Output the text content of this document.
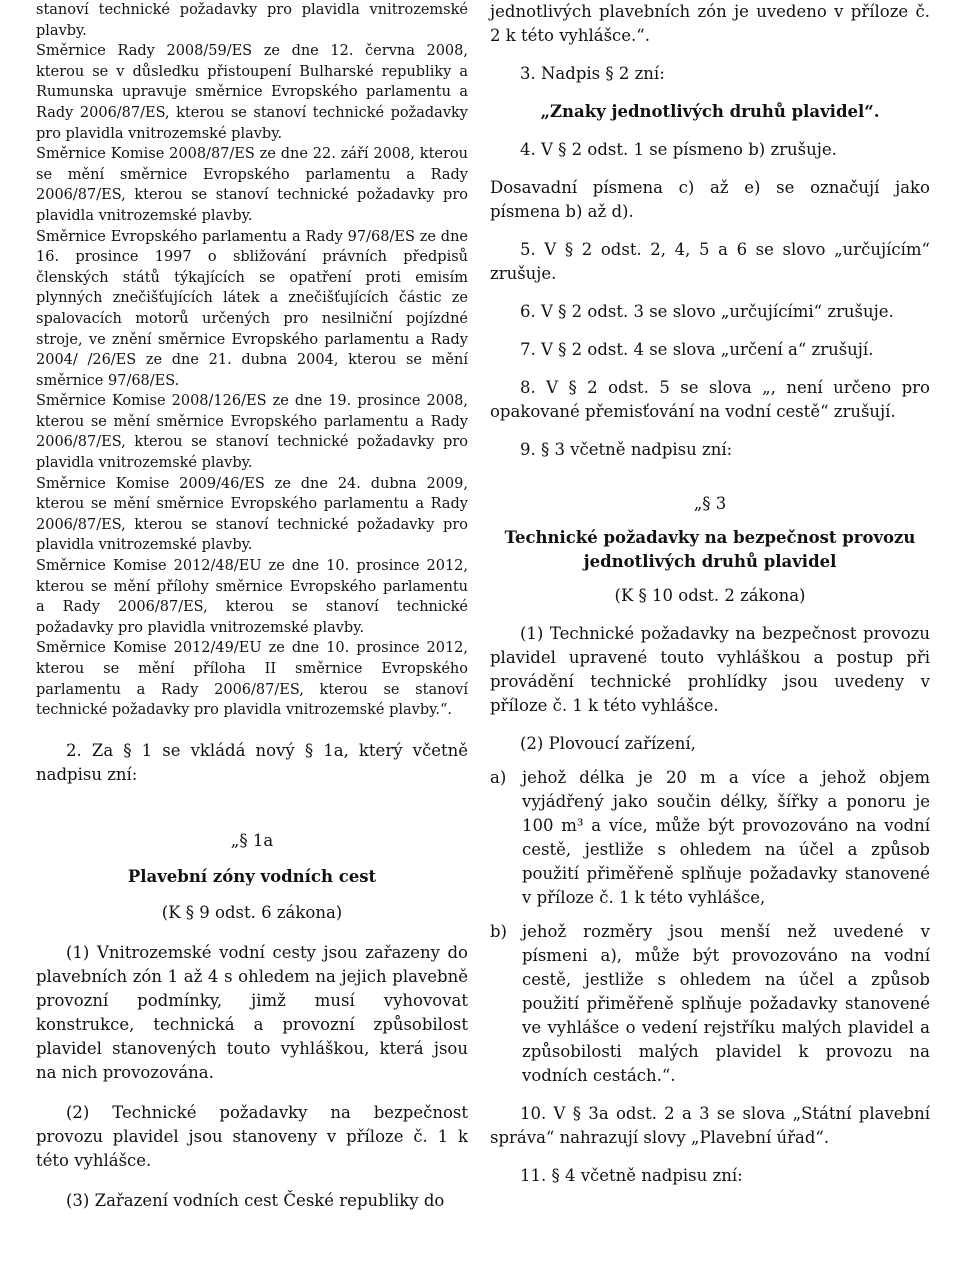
stanoví technické požadavky pro plavidla vnitrozemské plavby.

Směrnice Rady 2008/59/ES ze dne 12. června 2008, kterou se v důsledku přistoupení Bulharské republiky a Rumunska upravuje směrnice Evropského parlamentu a Rady 2006/87/ES, kterou se stanoví technické požadavky pro plavidla vnitrozemské plavby.

Směrnice Komise 2008/87/ES ze dne 22. září 2008, kterou se mění směrnice Evropského parlamentu a Rady 2006/87/ES, kterou se stanoví technické požadavky pro plavidla vnitrozemské plavby.

Směrnice Evropského parlamentu a Rady 97/68/ES ze dne 16. prosince 1997 o sbližování právních předpisů členských států týkajících se opatření proti emisím plynných znečišťujících látek a znečišťujících částic ze spalovacích motorů určených pro nesilniční pojízdné stroje, ve znění směrnice Evropského parlamentu a Rady 2004/ /26/ES ze dne 21. dubna 2004, kterou se mění směrnice 97/68/ES.

Směrnice Komise 2008/126/ES ze dne 19. prosince 2008, kterou se mění směrnice Evropského parlamentu a Rady 2006/87/ES, kterou se stanoví technické požadavky pro plavidla vnitrozemské plavby.

Směrnice Komise 2009/46/ES ze dne 24. dubna 2009, kterou se mění směrnice Evropského parlamentu a Rady 2006/87/ES, kterou se stanoví technické požadavky pro plavidla vnitrozemské plavby.

Směrnice Komise 2012/48/EU ze dne 10. prosince 2012, kterou se mění přílohy směrnice Evropského parlamentu a Rady 2006/87/ES, kterou se stanoví technické požadavky pro plavidla vnitrozemské plavby.

Směrnice Komise 2012/49/EU ze dne 10. prosince 2012, kterou se mění příloha II směrnice Evropského parlamentu a Rady 2006/87/ES, kterou se stanoví technické požadavky pro plavidla vnitrozemské plavby.“.

2. Za § 1 se vkládá nový § 1a, který včetně nadpisu zní:

„§ 1a

Plavební zóny vodních cest

(K § 9 odst. 6 zákona)

(1) Vnitrozemské vodní cesty jsou zařazeny do plavebních zón 1 až 4 s ohledem na jejich plavebně provozní podmínky, jimž musí vyhovovat konstrukce, technická a provozní způsobilost plavidel stanovených touto vyhláškou, která jsou na nich provozována.

(2) Technické požadavky na bezpečnost provozu plavidel jsou stanoveny v příloze č. 1 k této vyhlášce.

(3) Zařazení vodních cest České republiky do

jednotlivých plavebních zón je uvedeno v příloze č. 2 k této vyhlášce.“.

3. Nadpis § 2 zní:

„Znaky jednotlivých druhů plavidel“.

4. V § 2 odst. 1 se písmeno b) zrušuje.

Dosavadní písmena c) až e) se označují jako písmena b) až d).

5. V § 2 odst. 2, 4, 5 a 6 se slovo „určujícím“ zrušuje.

6. V § 2 odst. 3 se slovo „určujícími“ zrušuje.

7. V § 2 odst. 4 se slova „určení a“ zrušují.

8. V § 2 odst. 5 se slova „, není určeno pro opakované přemisťování na vodní cestě“ zrušují.

9. § 3 včetně nadpisu zní:

„§ 3

Technické požadavky na bezpečnost provozu jednotlivých druhů plavidel

(K § 10 odst. 2 zákona)

(1) Technické požadavky na bezpečnost provozu plavidel upravené touto vyhláškou a postup při provádění technické prohlídky jsou uvedeny v příloze č. 1 k této vyhlášce.

(2) Plovoucí zařízení,

a) jehož délka je 20 m a více a jehož objem vyjádřený jako součin délky, šířky a ponoru je 100 m³ a více, může být provozováno na vodní cestě, jestliže s ohledem na účel a způsob použití přiměřeně splňuje požadavky stanovené v příloze č. 1 k této vyhlášce,
b) jehož rozměry jsou menší než uvedené v písmeni a), může být provozováno na vodní cestě, jestliže s ohledem na účel a způsob použití přiměřeně splňuje požadavky stanovené ve vyhlášce o vedení rejstříku malých plavidel a způsobilosti malých plavidel k provozu na vodních cestách.“.

10. V § 3a odst. 2 a 3 se slova „Státní plavební správa“ nahrazují slovy „Plavební úřad“.

11. § 4 včetně nadpisu zní:
